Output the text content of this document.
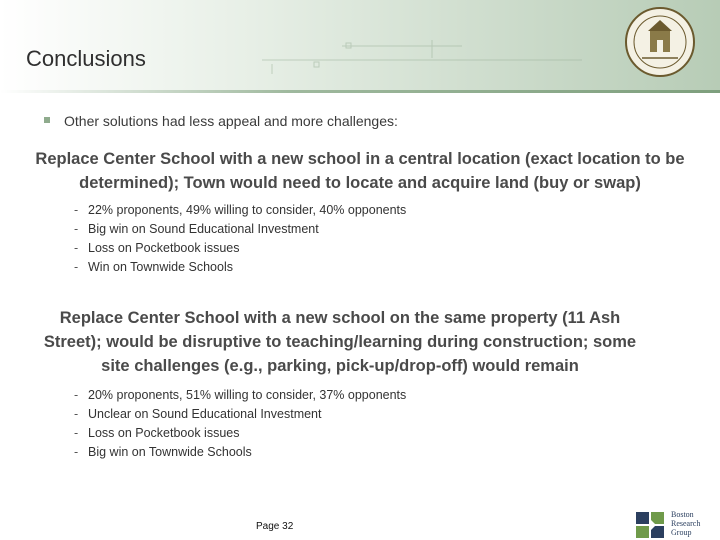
Conclusions
Other solutions had less appeal and more challenges:
Replace Center School with a new school in a central location (exact location to be determined); Town would need to locate and acquire land (buy or swap)
- 22% proponents, 49% willing to consider, 40% opponents
- Big win on Sound Educational Investment
- Loss on Pocketbook issues
- Win on Townwide Schools
Replace Center School with a new school on the same property (11 Ash Street); would be disruptive to teaching/learning during construction; some site challenges (e.g., parking, pick-up/drop-off) would remain
- 20% proponents, 51% willing to consider, 37% opponents
- Unclear on Sound Educational Investment
- Loss on Pocketbook issues
- Big win on Townwide Schools
Page 32
Boston
Research
Group
